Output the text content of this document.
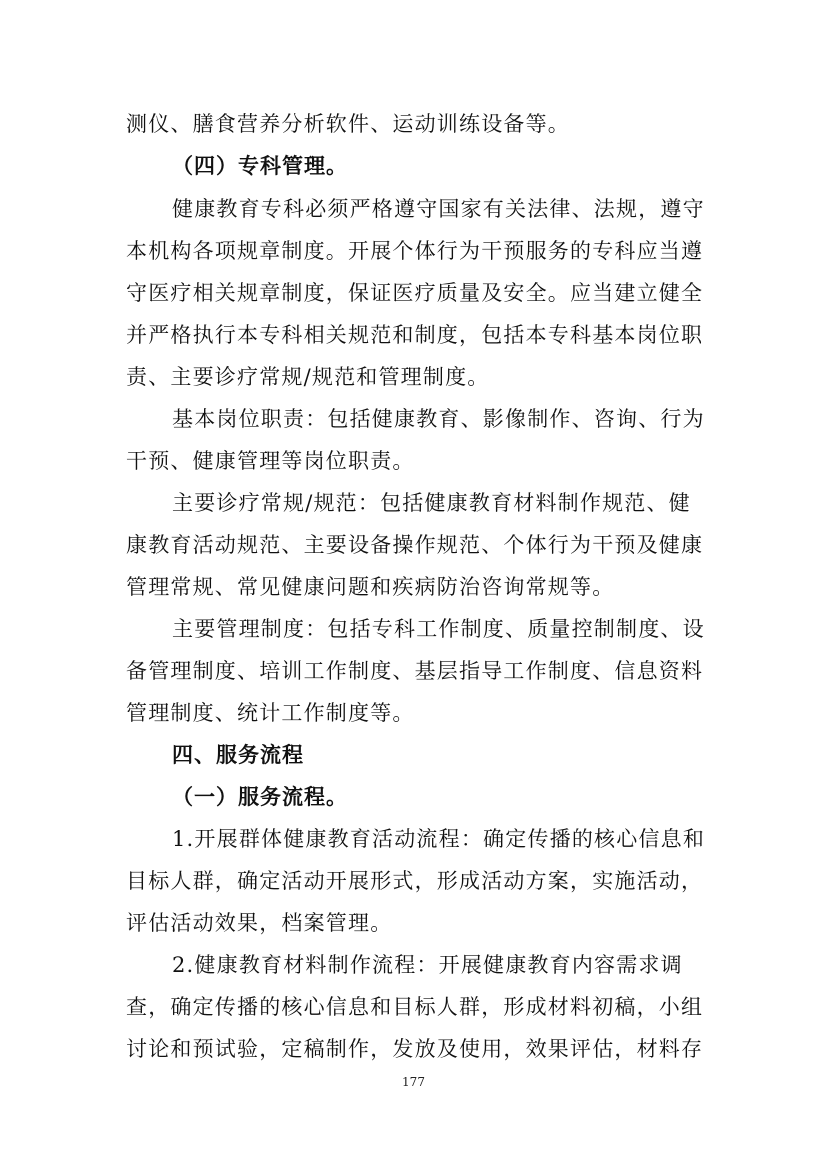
测仪、膳食营养分析软件、运动训练设备等。
（四）专科管理。
健康教育专科必须严格遵守国家有关法律、法规，遵守
本机构各项规章制度。开展个体行为干预服务的专科应当遵
守医疗相关规章制度，保证医疗质量及安全。应当建立健全
并严格执行本专科相关规范和制度，包括本专科基本岗位职
责、主要诊疗常规/规范和管理制度。
基本岗位职责：包括健康教育、影像制作、咨询、行为
干预、健康管理等岗位职责。
主要诊疗常规/规范：包括健康教育材料制作规范、健
康教育活动规范、主要设备操作规范、个体行为干预及健康
管理常规、常见健康问题和疾病防治咨询常规等。
主要管理制度：包括专科工作制度、质量控制制度、设
备管理制度、培训工作制度、基层指导工作制度、信息资料
管理制度、统计工作制度等。
四、服务流程
（一）服务流程。
1.开展群体健康教育活动流程：确定传播的核心信息和
目标人群，确定活动开展形式，形成活动方案，实施活动，
评估活动效果，档案管理。
2.健康教育材料制作流程：开展健康教育内容需求调
查，确定传播的核心信息和目标人群，形成材料初稿，小组
讨论和预试验，定稿制作，发放及使用，效果评估，材料存
177
